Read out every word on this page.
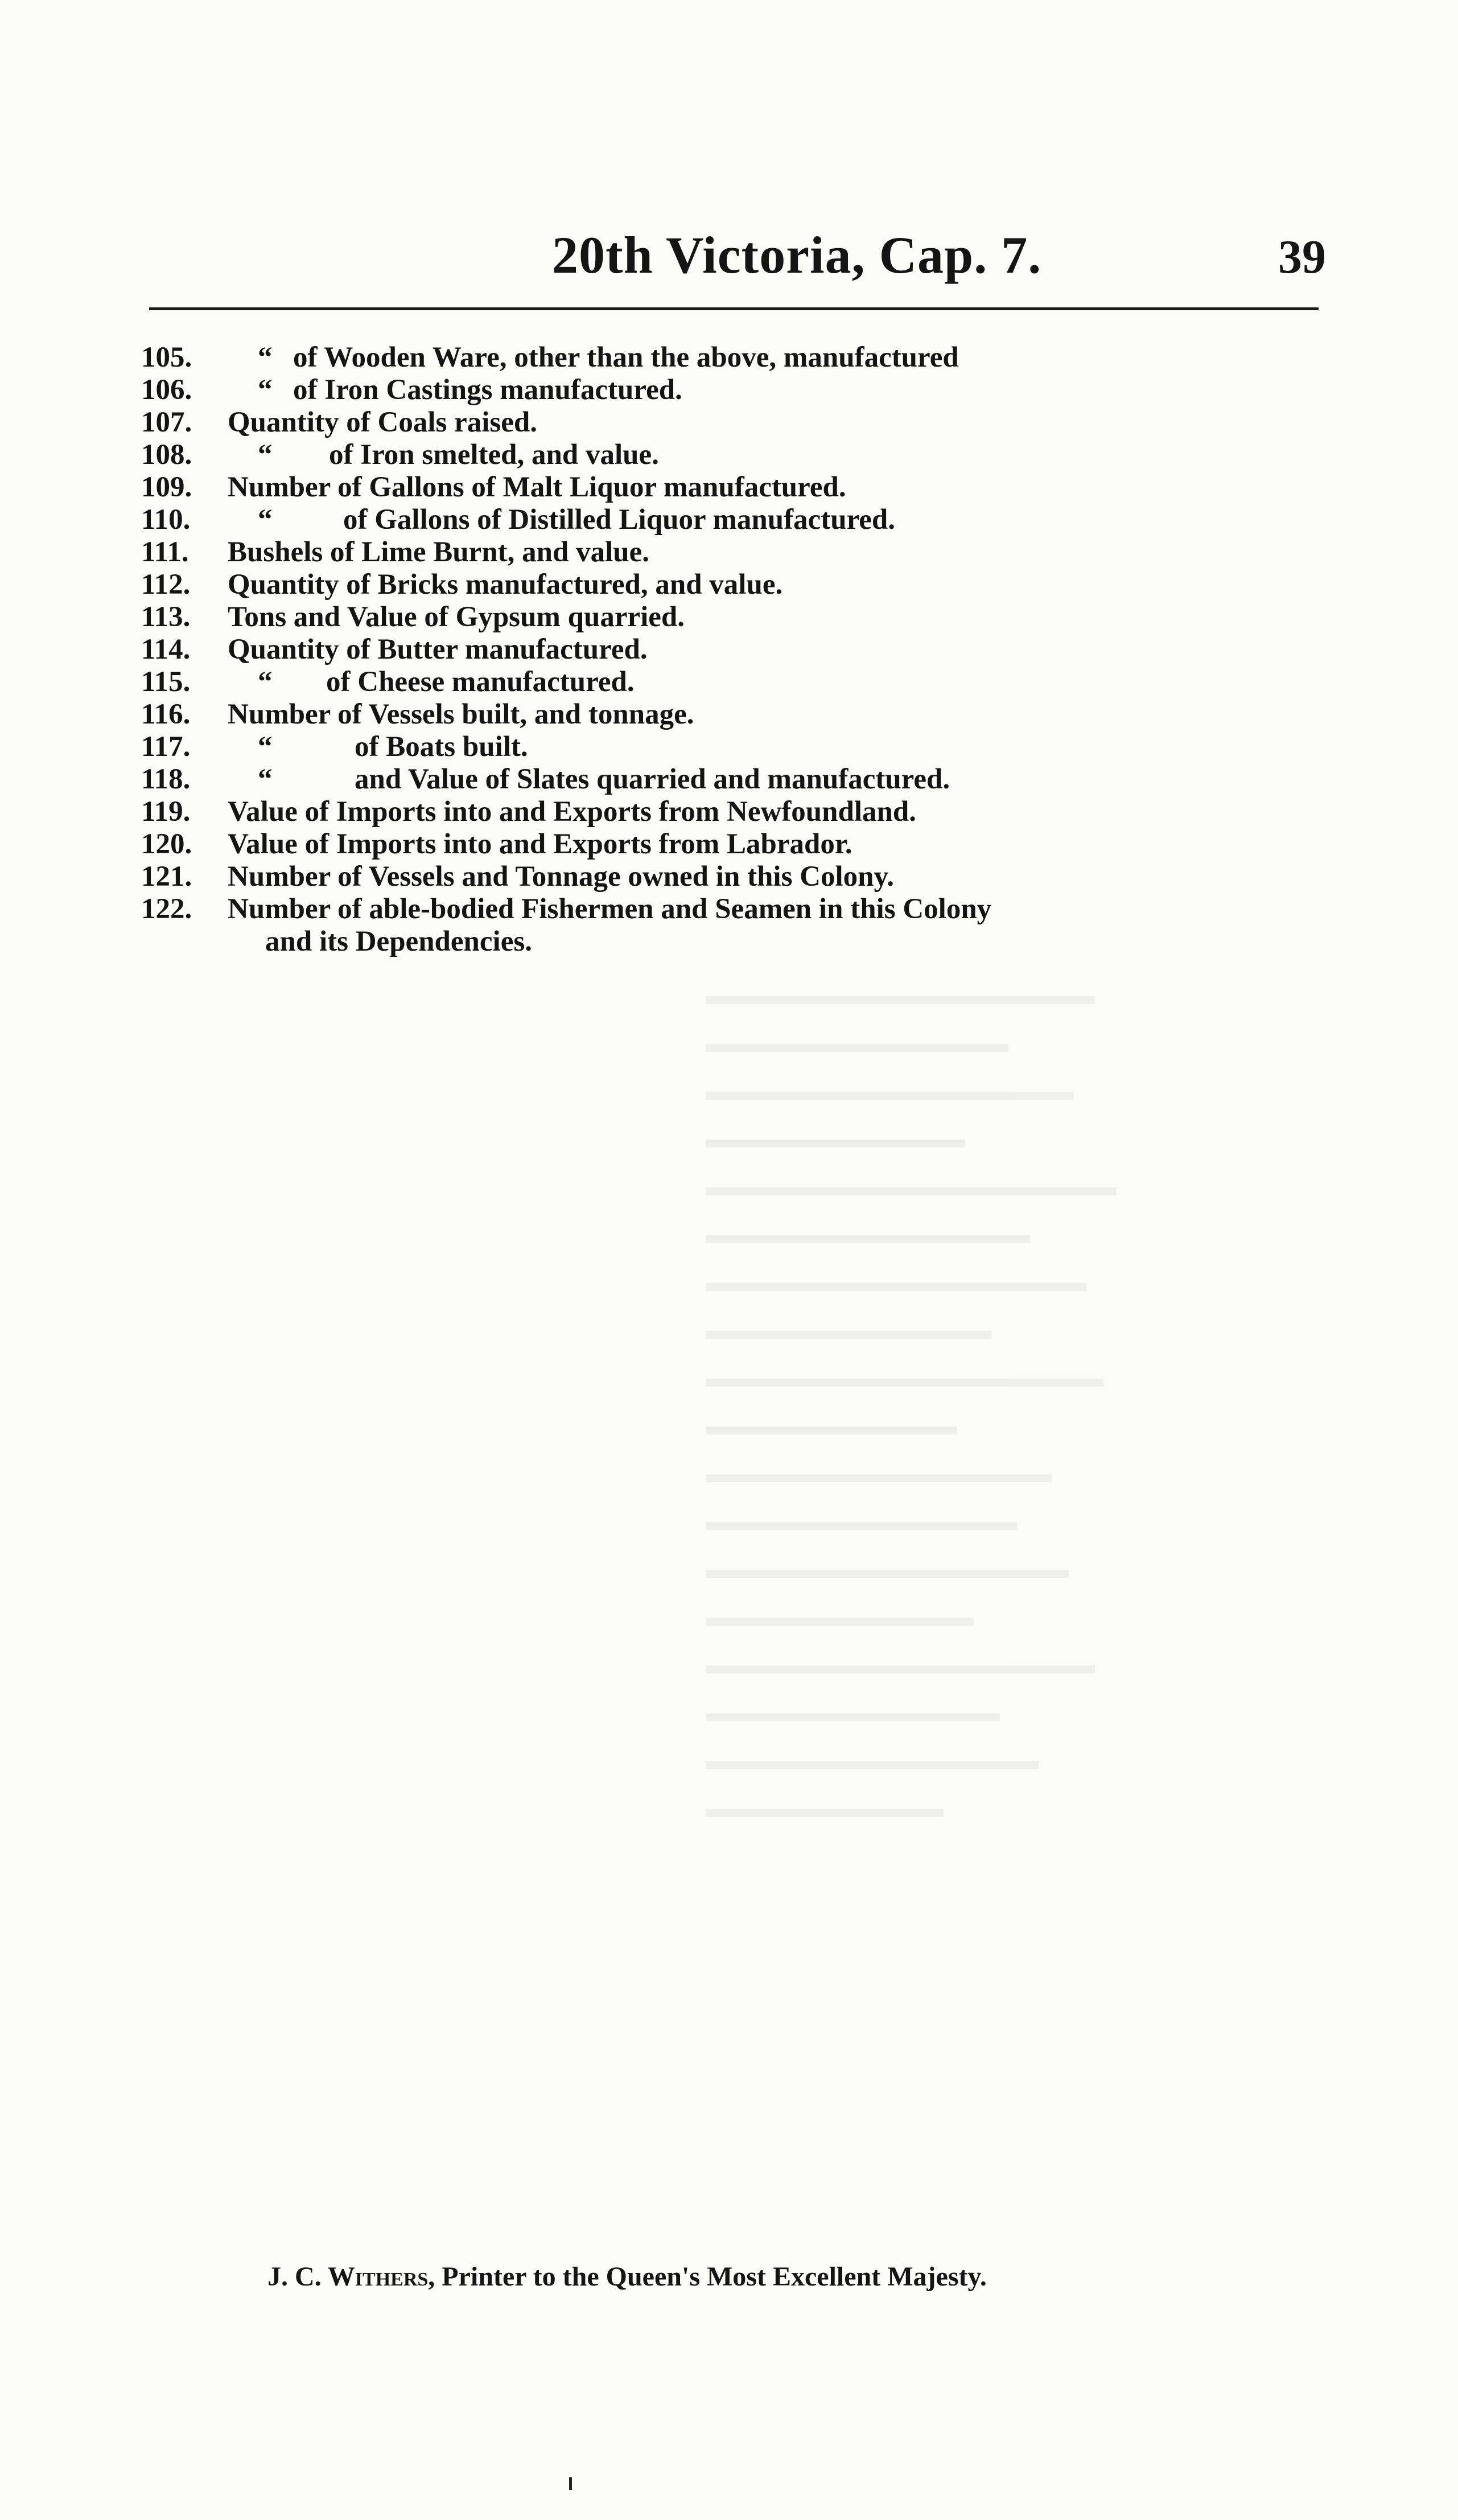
20th Victoria, Cap. 7.	39
105.	“ of Wooden Ware, other than the above, manufactured
106.	“ of Iron Castings manufactured.
107.	Quantity of Coals raised.
108.	“ of Iron smelted, and value.
109.	Number of Gallons of Malt Liquor manufactured.
110.	“ of Gallons of Distilled Liquor manufactured.
111.	Bushels of Lime Burnt, and value.
112.	Quantity of Bricks manufactured, and value.
113.	Tons and Value of Gypsum quarried.
114.	Quantity of Butter manufactured.
115.	“ of Cheese manufactured.
116.	Number of Vessels built, and tonnage.
117.	“	of Boats built.
118.	“	and Value of Slates quarried and manufactured.
119.	Value of Imports into and Exports from Newfoundland.
120.	Value of Imports into and Exports from Labrador.
121.	Number of Vessels and Tonnage owned in this Colony.
122.	Number of able-bodied Fishermen and Seamen in this Colony
and its Dependencies.
J. C. Withers, Printer to the Queen's Most Excellent Majesty.
